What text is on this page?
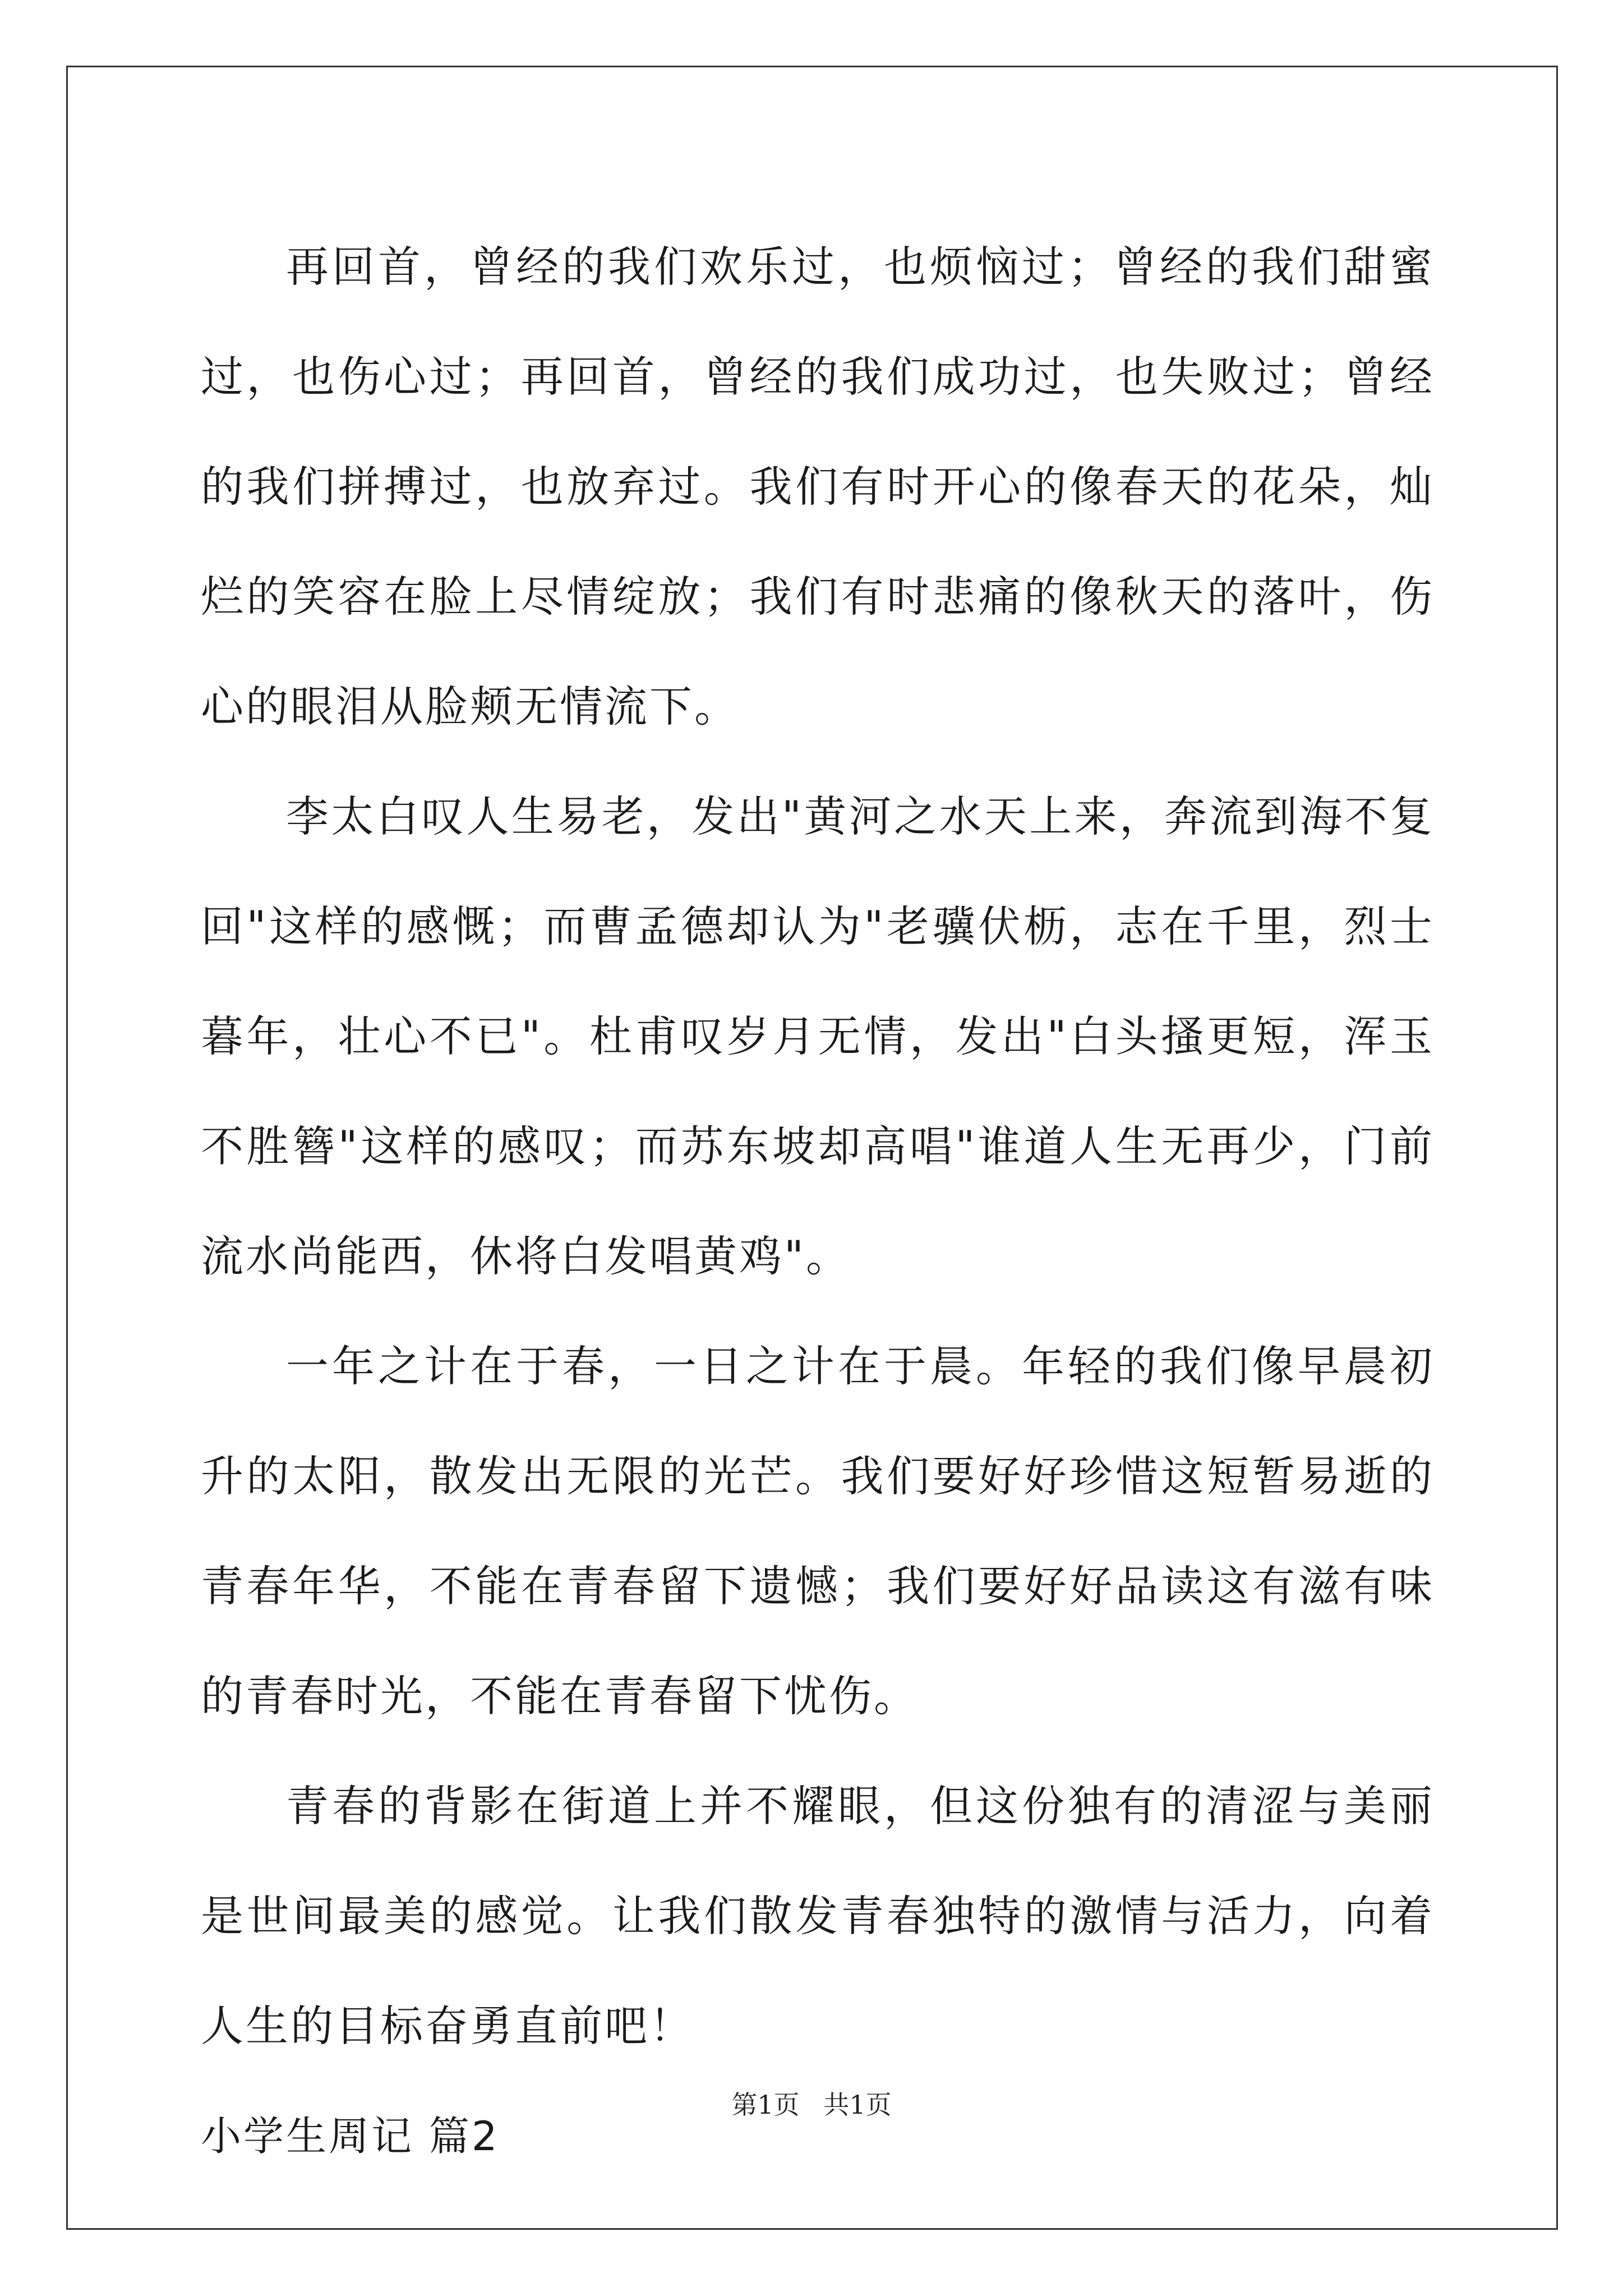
再回首，曾经的我们欢乐过，也烦恼过；曾经的我们甜蜜过，也伤心过；再回首，曾经的我们成功过，也失败过；曾经的我们拼搏过，也放弃过。我们有时开心的像春天的花朵，灿烂的笑容在脸上尽情绽放；我们有时悲痛的像秋天的落叶，伤心的眼泪从脸颊无情流下。

李太白叹人生易老，发出"黄河之水天上来，奔流到海不复回"这样的感慨；而曹孟德却认为"老骥伏枥，志在千里，烈士暮年，壮心不已"。杜甫叹岁月无情，发出"白头搔更短，浑玉不胜簪"这样的感叹；而苏东坡却高唱"谁道人生无再少，门前流水尚能西，休将白发唱黄鸡"。

一年之计在于春，一日之计在于晨。年轻的我们像早晨初升的太阳，散发出无限的光芒。我们要好好珍惜这短暂易逝的青春年华，不能在青春留下遗憾；我们要好好品读这有滋有味的青春时光，不能在青春留下忧伤。

青春的背影在街道上并不耀眼，但这份独有的清涩与美丽是世间最美的感觉。让我们散发青春独特的激情与活力，向着人生的目标奋勇直前吧！

小学生周记 篇2

第1页 共1页
